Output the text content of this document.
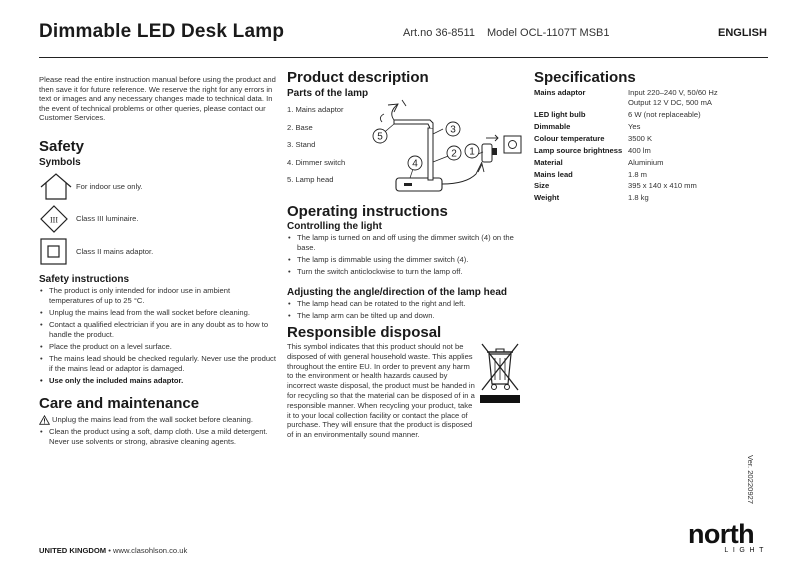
Dimmable LED Desk Lamp	Art.no 36-8511 Model OCL-1107T MSB1	ENGLISH

Please read the entire instruction manual before using the product and then save it for future reference. We reserve the right for any errors in text or images and any necessary changes made to technical data. In the event of technical problems or other queries, please contact our Customer Services.

Safety
Symbols
For indoor use only.
III Class III luminaire.
Class II mains adaptor.
Safety instructions
• The product is only intended for indoor use in ambient temperatures of up to 25 °C.
• Unplug the mains lead from the wall socket before cleaning.
• Contact a qualified electrician if you are in any doubt as to how to handle the product.
• Place the product on a level surface.
• The mains lead should be checked regularly. Never use the product if the mains lead or adaptor is damaged.
• Use only the included mains adaptor.
Care and maintenance
Unplug the mains lead from the wall socket before cleaning.
• Clean the product using a soft, damp cloth. Use a mild detergent. Never use solvents or strong, abrasive cleaning agents.
Product description
Parts of the lamp
1. Mains adaptor
2. Base
3. Stand
4. Dimmer switch
5. Lamp head
1
2
3
4
5
Operating instructions
Controlling the light
• The lamp is turned on and off using the dimmer switch (4) on the base.
• The lamp is dimmable using the dimmer switch (4).
• Turn the switch anticlockwise to turn the lamp off.
Adjusting the angle/direction of the lamp head
• The lamp head can be rotated to the right and left.
• The lamp arm can be tilted up and down.
Responsible disposal

This symbol indicates that this product should not be disposed of with general household waste. This applies throughout the entire EU. In order to prevent any harm to the environment or health hazards caused by incorrect waste disposal, the product must be handed in for recycling so that the material can be disposed of in a responsible manner. When recycling your product, take it to your local collection facility or contact the place of purchase. They will ensure that the product is disposed of in an environmentally sound manner.

Specifications
Mains adaptor	Input 220–240 V, 50/60 Hz
Output 12 V DC, 500 mA
LED light bulb	6 W (not replaceable)
Dimmable	Yes
Colour temperature	3500 K
Lamp source brightness	400 lm
Material	Aluminium
Mains lead	1.8 m
Size	395 x 140 x 410 mm
Weight	1.8 kg
Ver. 20220927
north
LIGHT
UNITED KINGDOM • www.clasohlson.co.uk
